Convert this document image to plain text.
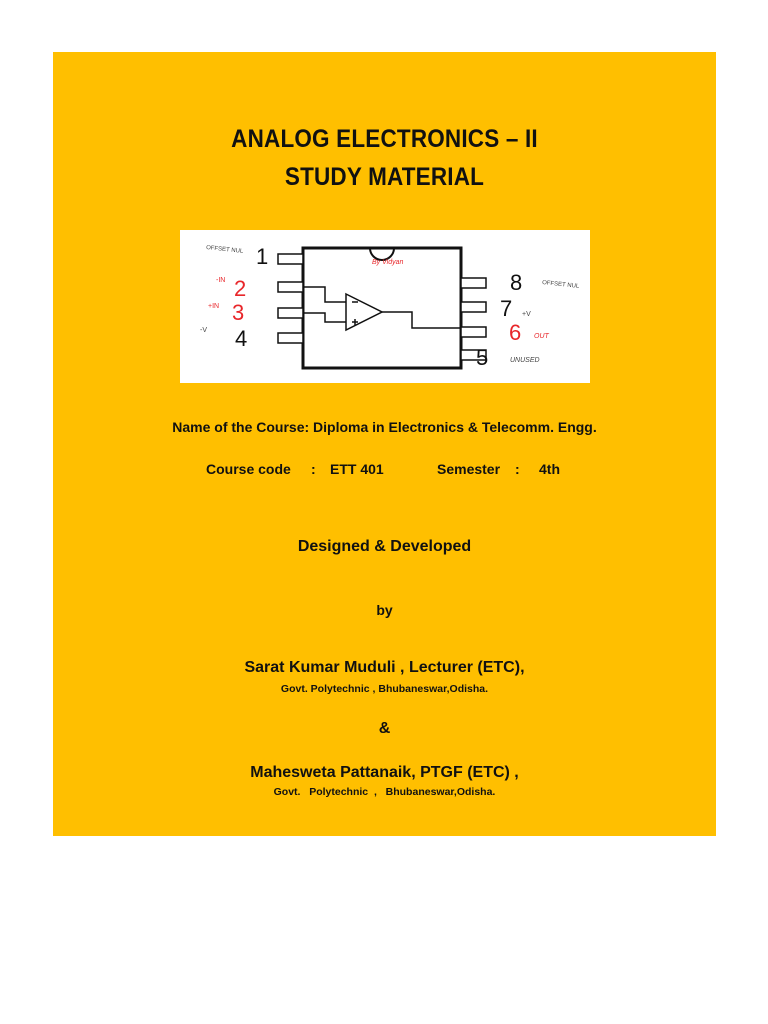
ANALOG ELECTRONICS – II
STUDY MATERIAL
By Vidyan
1
2
3
4
OFFSET NUL
-IN
+IN
-V
8
7
6
5
OFFSET NUL
+V
OUT
UNUSED
Name of the Course: Diploma in Electronics & Telecomm. Engg.
Course code : ETT 401	Semester : 4th
Designed & Developed
by
Sarat Kumar Muduli , Lecturer (ETC),
Govt. Polytechnic , Bhubaneswar,Odisha.
&
Mahesweta Pattanaik, PTGF (ETC) ,
Govt.   Polytechnic  ,   Bhubaneswar,Odisha.
